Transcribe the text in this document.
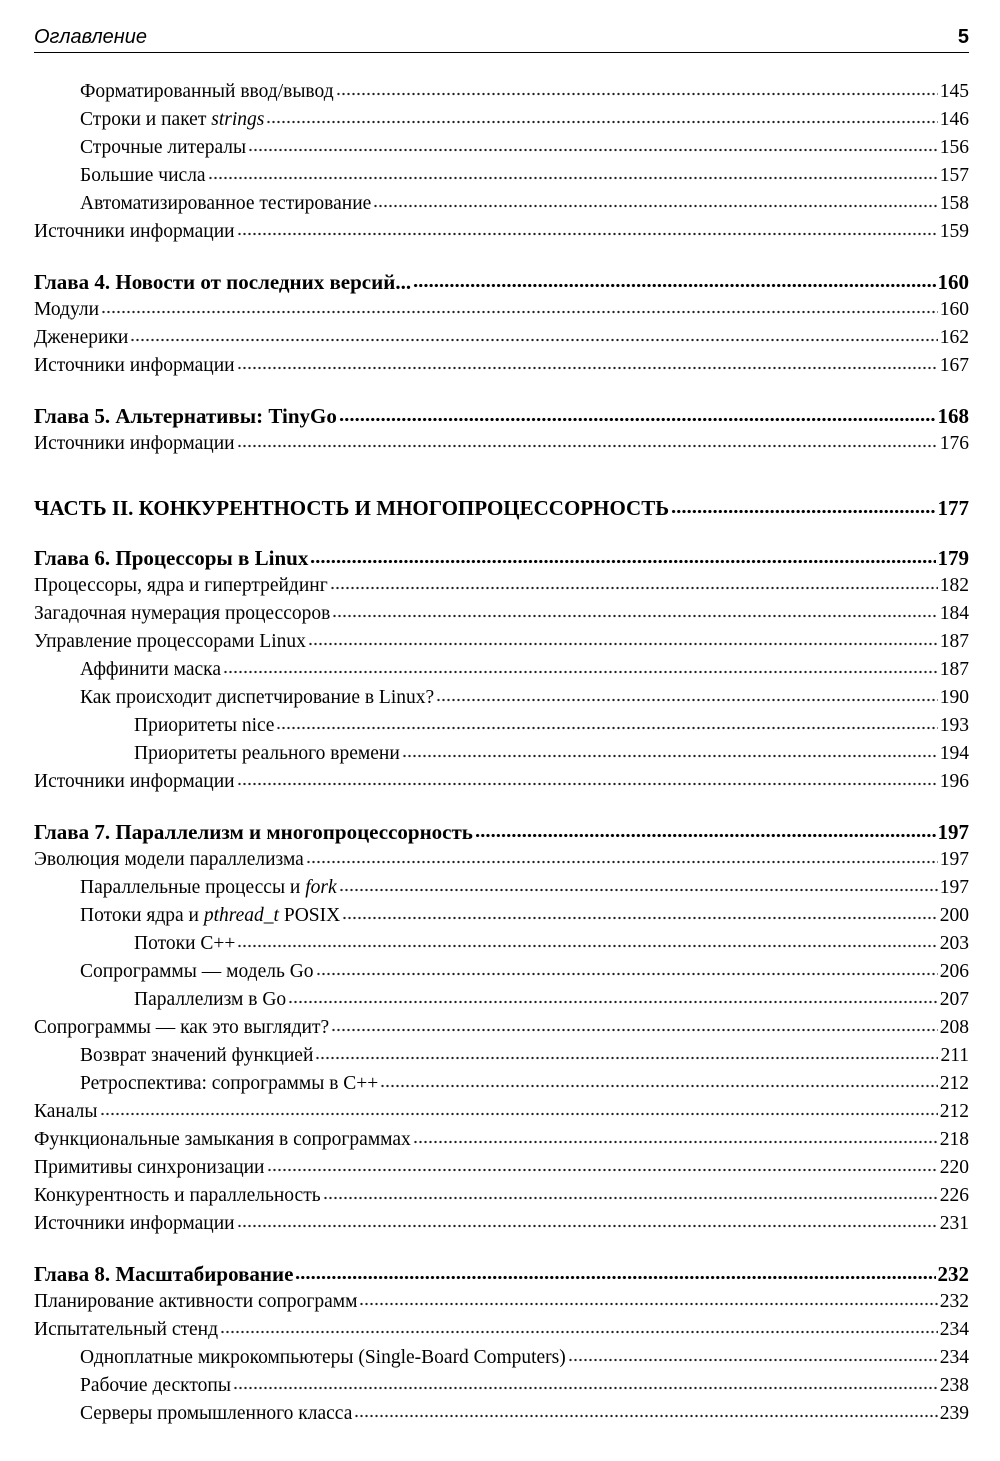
Оглавление	5
Форматированный ввод/вывод	145
Строки и пакет strings	146
Строчные литералы	156
Большие числа	157
Автоматизированное тестирование	158
Источники информации	159
Глава 4. Новости от последних версий...	160
Модули	160
Дженерики	162
Источники информации	167
Глава 5. Альтернативы: TinyGo	168
Источники информации	176
ЧАСТЬ II. КОНКУРЕНТНОСТЬ И МНОГОПРОЦЕССОРНОСТЬ	177
Глава 6. Процессоры в Linux	179
Процессоры, ядра и гипертрейдинг	182
Загадочная нумерация процессоров	184
Управление процессорами Linux	187
Аффинити маска	187
Как происходит диспетчирование в Linux?	190
Приоритеты nice	193
Приоритеты реального времени	194
Источники информации	196
Глава 7. Параллелизм и многопроцессорность	197
Эволюция модели параллелизма	197
Параллельные процессы и fork	197
Потоки ядра и pthread_t POSIX	200
Потоки C++	203
Сопрограммы — модель Go	206
Параллелизм в Go	207
Сопрограммы — как это выглядит?	208
Возврат значений функцией	211
Ретроспектива: сопрограммы в C++	212
Каналы	212
Функциональные замыкания в сопрограммах	218
Примитивы синхронизации	220
Конкурентность и параллельность	226
Источники информации	231
Глава 8. Масштабирование	232
Планирование активности сопрограмм	232
Испытательный стенд	234
Одноплатные микрокомпьютеры (Single-Board Computers)	234
Рабочие десктопы	238
Серверы промышленного класса	239
